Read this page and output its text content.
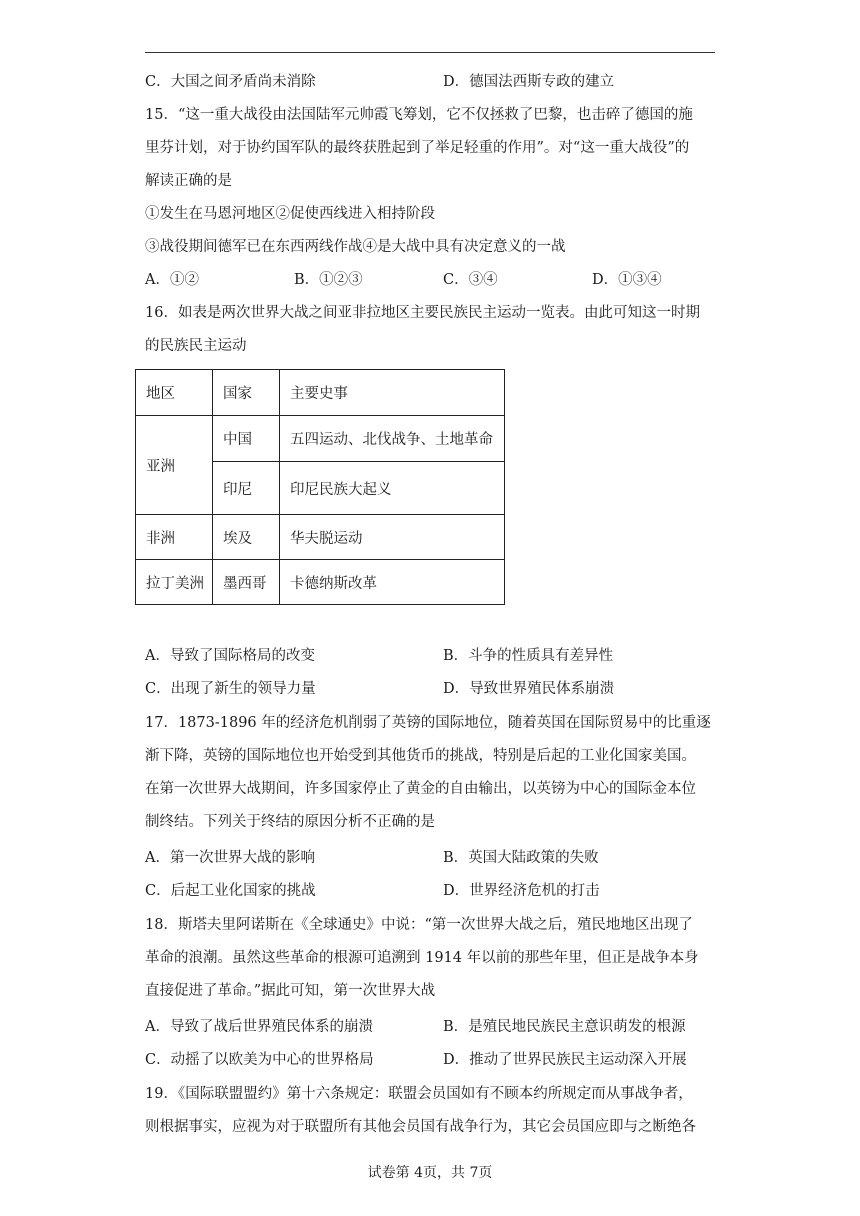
C．大国之间矛盾尚未消除	D．德国法西斯专政的建立
15．“这一重大战役由法国陆军元帅霞飞筹划，它不仅拯救了巴黎，也击碎了德国的施
里芬计划，对于协约国军队的最终获胜起到了举足轻重的作用”。对“这一重大战役”的
解读正确的是
①发生在马恩河地区②促使西线进入相持阶段
③战役期间德军已在东西两线作战④是大战中具有决定意义的一战
A．①②	B．①②③	C．③④	D．①③④
16．如表是两次世界大战之间亚非拉地区主要民族民主运动一览表。由此可知这一时期
的民族民主运动
地区	国家	主要史事
亚洲	中国	五四运动、北伐战争、土地革命
	印尼	印尼民族大起义
非洲	埃及	华夫脱运动
拉丁美洲	墨西哥	卡德纳斯改革
A．导致了国际格局的改变	B．斗争的性质具有差异性
C．出现了新生的领导力量	D．导致世界殖民体系崩溃
17．1873-1896 年的经济危机削弱了英镑的国际地位，随着英国在国际贸易中的比重逐
渐下降，英镑的国际地位也开始受到其他货币的挑战，特别是后起的工业化国家美国。
在第一次世界大战期间，许多国家停止了黄金的自由输出，以英镑为中心的国际金本位
制终结。下列关于终结的原因分析不正确的是
A．第一次世界大战的影响	B．英国大陆政策的失败
C．后起工业化国家的挑战	D．世界经济危机的打击
18．斯塔夫里阿诺斯在《全球通史》中说：“第一次世界大战之后，殖民地地区出现了
革命的浪潮。虽然这些革命的根源可追溯到 1914 年以前的那些年里，但正是战争本身
直接促进了革命。”据此可知，第一次世界大战
A．导致了战后世界殖民体系的崩溃	B．是殖民地民族民主意识萌发的根源
C．动摇了以欧美为中心的世界格局	D．推动了世界民族民主运动深入开展
19．《国际联盟盟约》第十六条规定：联盟会员国如有不顾本约所规定而从事战争者，
则根据事实，应视为对于联盟所有其他会员国有战争行为，其它会员国应即与之断绝各
试卷第 4页，共 7页
